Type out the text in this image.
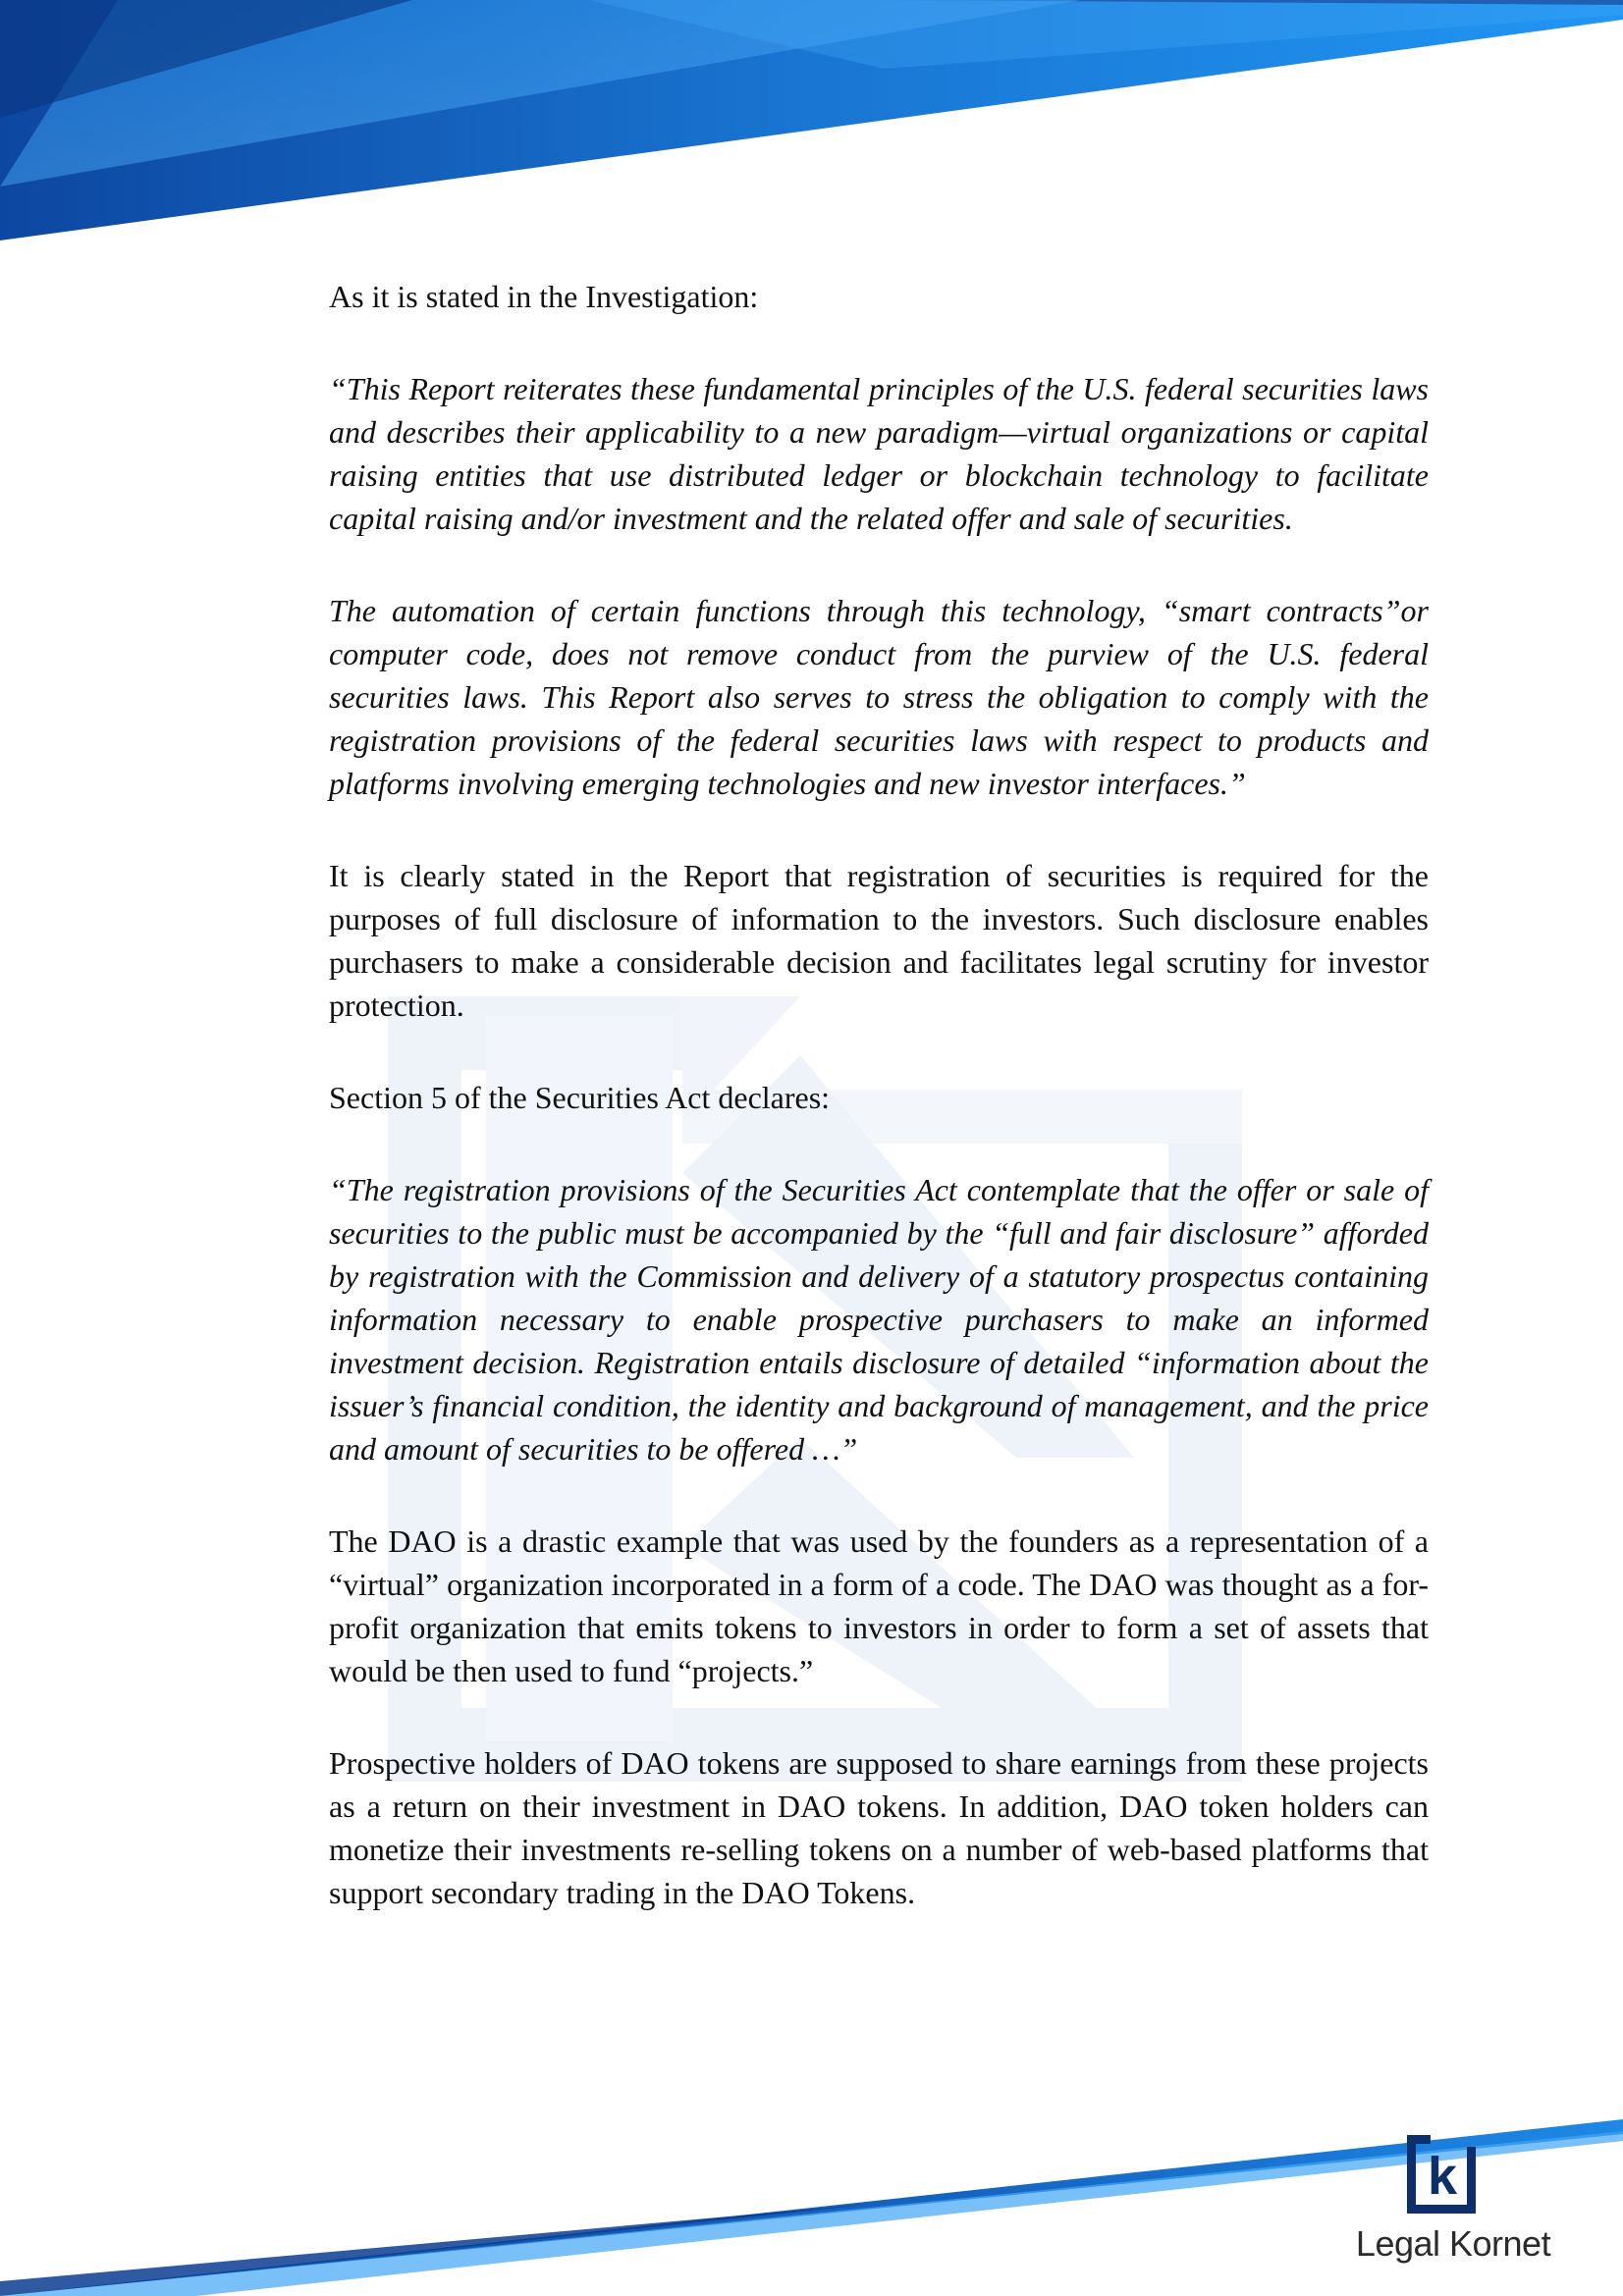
As it is stated in the Investigation:

“This Report reiterates these fundamental principles of the U.S. federal securities laws and describes their applicability to a new paradigm—virtual organizations or capital raising entities that use distributed ledger or blockchain technology to facilitate capital raising and/or investment and the related offer and sale of securities.

The automation of certain functions through this technology, “smart contracts”or computer code, does not remove conduct from the purview of the U.S. federal securities laws. This Report also serves to stress the obligation to comply with the registration provisions of the federal securities laws with respect to products and platforms involving emerging technologies and new investor interfaces.”

It is clearly stated in the Report that registration of securities is required for the purposes of full disclosure of information to the investors. Such disclosure enables purchasers to make a considerable decision and facilitates legal scrutiny for investor protection.

Section 5 of the Securities Act declares:

“The registration provisions of the Securities Act contemplate that the offer or sale of securities to the public must be accompanied by the “full and fair disclosure” afforded by registration with the Commission and delivery of a statutory prospectus containing information necessary to enable prospective purchasers to make an informed investment decision. Registration entails disclosure of detailed “information about the issuer’s financial condition, the identity and background of management, and the price and amount of securities to be offered …”

The DAO is a drastic example that was used by the founders as a representation of a “virtual” organization incorporated in a form of a code. The DAO was thought as a for-profit organization that emits tokens to investors in order to form a set of assets that would be then used to fund “projects.”

Prospective holders of DAO tokens are supposed to share earnings from these projects as a return on their investment in DAO tokens. In addition, DAO token holders can monetize their investments re-selling tokens on a number of web-based platforms that support secondary trading in the DAO Tokens.

k
Legal Kornet
